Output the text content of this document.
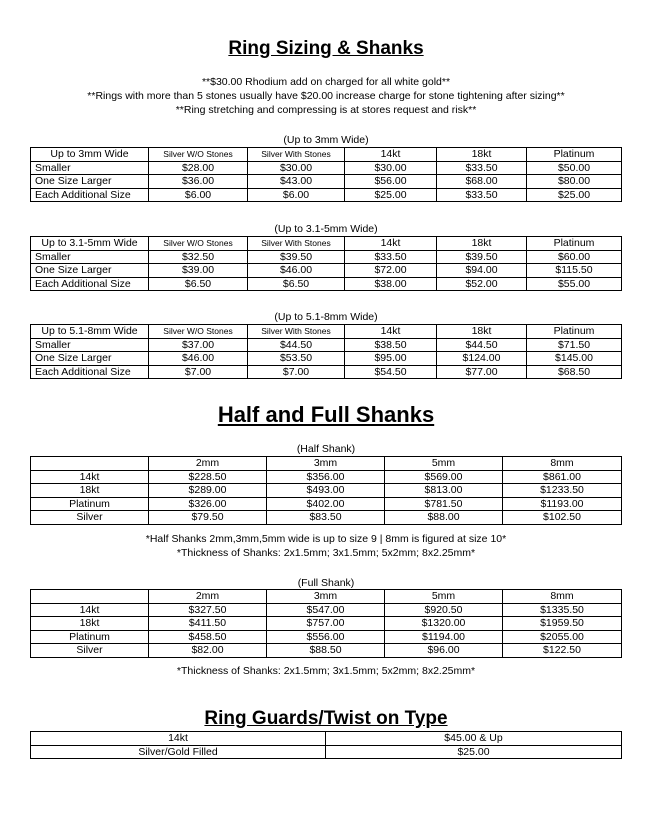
Ring Sizing & Shanks
**$30.00 Rhodium add on charged for all white gold**
**Rings with more than 5 stones usually have $20.00 increase charge for stone tightening after sizing**
**Ring stretching and compressing is at stores request and risk**
(Up to 3mm Wide)
Up to 3mm Wide	Silver W/O Stones	Silver With Stones	14kt	18kt	Platinum
Smaller	$28.00	$30.00	$30.00	$33.50	$50.00
One Size Larger	$36.00	$43.00	$56.00	$68.00	$80.00
Each Additional Size	$6.00	$6.00	$25.00	$33.50	$25.00
(Up to 3.1-5mm Wide)
Up to 3.1-5mm Wide	Silver W/O Stones	Silver With Stones	14kt	18kt	Platinum
Smaller	$32.50	$39.50	$33.50	$39.50	$60.00
One Size Larger	$39.00	$46.00	$72.00	$94.00	$115.50
Each Additional Size	$6.50	$6.50	$38.00	$52.00	$55.00
(Up to 5.1-8mm Wide)
Up to 5.1-8mm Wide	Silver W/O Stones	Silver With Stones	14kt	18kt	Platinum
Smaller	$37.00	$44.50	$38.50	$44.50	$71.50
One Size Larger	$46.00	$53.50	$95.00	$124.00	$145.00
Each Additional Size	$7.00	$7.00	$54.50	$77.00	$68.50
Half and Full Shanks
(Half Shank)
	2mm	3mm	5mm	8mm
14kt	$228.50	$356.00	$569.00	$861.00
18kt	$289.00	$493.00	$813.00	$1233.50
Platinum	$326.00	$402.00	$781.50	$1193.00
Silver	$79.50	$83.50	$88.00	$102.50
*Half Shanks 2mm,3mm,5mm wide is up to size 9 | 8mm is figured at size 10*
*Thickness of Shanks: 2x1.5mm; 3x1.5mm; 5x2mm; 8x2.25mm*
(Full Shank)
	2mm	3mm	5mm	8mm
14kt	$327.50	$547.00	$920.50	$1335.50
18kt	$411.50	$757.00	$1320.00	$1959.50
Platinum	$458.50	$556.00	$1194.00	$2055.00
Silver	$82.00	$88.50	$96.00	$122.50
*Thickness of Shanks: 2x1.5mm; 3x1.5mm; 5x2mm; 8x2.25mm*
Ring Guards/Twist on Type
14kt	$45.00 & Up
Silver/Gold Filled	$25.00
